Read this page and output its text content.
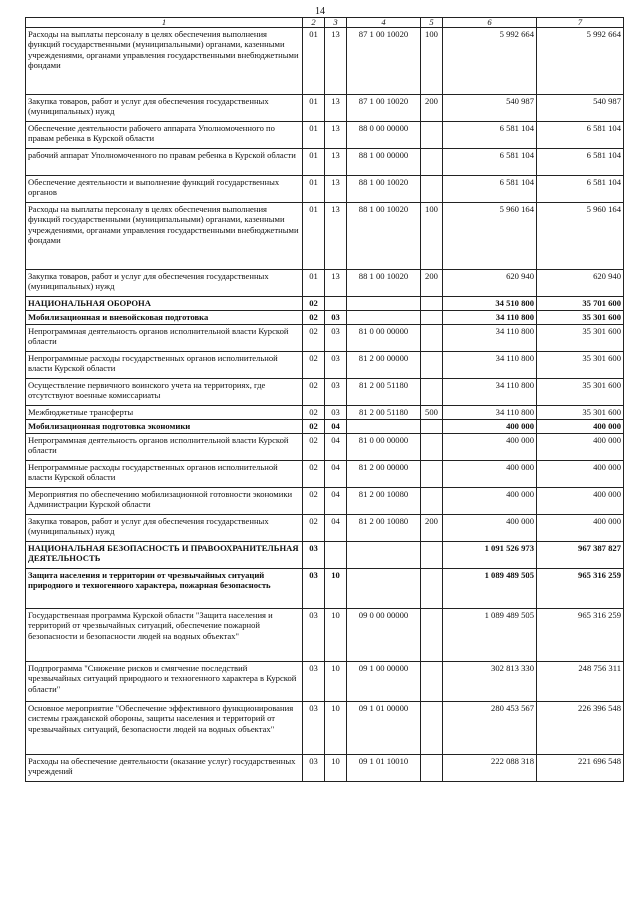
14
1	2	3	4	5	6	7
Расходы на выплаты персоналу в целях обеспечения выполнения функций государственными (муниципальными) органами, казенными учреждениями, органами управления государственными внебюджетными фондами	01	13	87 1 00 10020	100	5 992 664	5 992 664
Закупка товаров, работ и услуг для обеспечения государственных (муниципальных) нужд	01	13	87 1 00 10020	200	540 987	540 987
Обеспечение деятельности рабочего аппарата Уполномоченного по правам ребенка в Курской области	01	13	88 0 00 00000		6 581 104	6 581 104
рабочий аппарат Уполномоченного по правам ребенка в Курской области	01	13	88 1 00 00000		6 581 104	6 581 104
Обеспечение деятельности и выполнение функций государственных органов	01	13	88 1 00 10020		6 581 104	6 581 104
Расходы на выплаты персоналу в целях обеспечения выполнения функций государственными (муниципальными) органами, казенными учреждениями, органами управления государственными внебюджетными фондами	01	13	88 1 00 10020	100	5 960 164	5 960 164
Закупка товаров, работ и услуг для обеспечения государственных (муниципальных) нужд	01	13	88 1 00 10020	200	620 940	620 940
НАЦИОНАЛЬНАЯ ОБОРОНА	02				34 510 800	35 701 600
Мобилизационная и вневойсковая подготовка	02	03			34 110 800	35 301 600
Непрограммная деятельность органов исполнительной власти Курской области	02	03	81 0 00 00000		34 110 800	35 301 600
Непрограммные расходы государственных органов исполнительной власти Курской области	02	03	81 2 00 00000		34 110 800	35 301 600
Осуществление первичного воинского учета на территориях, где отсутствуют военные комиссариаты	02	03	81 2 00 51180		34 110 800	35 301 600
Межбюджетные трансферты	02	03	81 2 00 51180	500	34 110 800	35 301 600
Мобилизационная подготовка экономики	02	04			400 000	400 000
Непрограммная деятельность органов исполнительной власти Курской области	02	04	81 0 00 00000		400 000	400 000
Непрограммные расходы государственных органов исполнительной власти Курской области	02	04	81 2 00 00000		400 000	400 000
Мероприятия по обеспечению мобилизационной готовности экономики Администрации Курской области	02	04	81 2 00 10080		400 000	400 000
Закупка товаров, работ и услуг для обеспечения государственных (муниципальных) нужд	02	04	81 2 00 10080	200	400 000	400 000
НАЦИОНАЛЬНАЯ БЕЗОПАСНОСТЬ И ПРАВООХРАНИТЕЛЬНАЯ ДЕЯТЕЛЬНОСТЬ	03				1 091 526 973	967 387 827
Защита населения и территории от чрезвычайных ситуаций природного и техногенного характера, пожарная безопасность	03	10			1 089 489 505	965 316 259
Государственная программа Курской области "Защита населения и территорий от чрезвычайных ситуаций, обеспечение пожарной безопасности и безопасности людей на водных объектах"	03	10	09 0 00 00000		1 089 489 505	965 316 259
Подпрограмма "Снижение рисков и смягчение последствий чрезвычайных ситуаций природного и техногенного характера в Курской области"	03	10	09 1 00 00000		302 813 330	248 756 311
Основное мероприятие "Обеспечение эффективного функционирования системы гражданской обороны, защиты населения и территорий от чрезвычайных ситуаций, безопасности людей на водных объектах"	03	10	09 1 01 00000		280 453 567	226 396 548
Расходы на обеспечение деятельности (оказание услуг) государственных учреждений	03	10	09 1 01 10010		222 088 318	221 696 548
